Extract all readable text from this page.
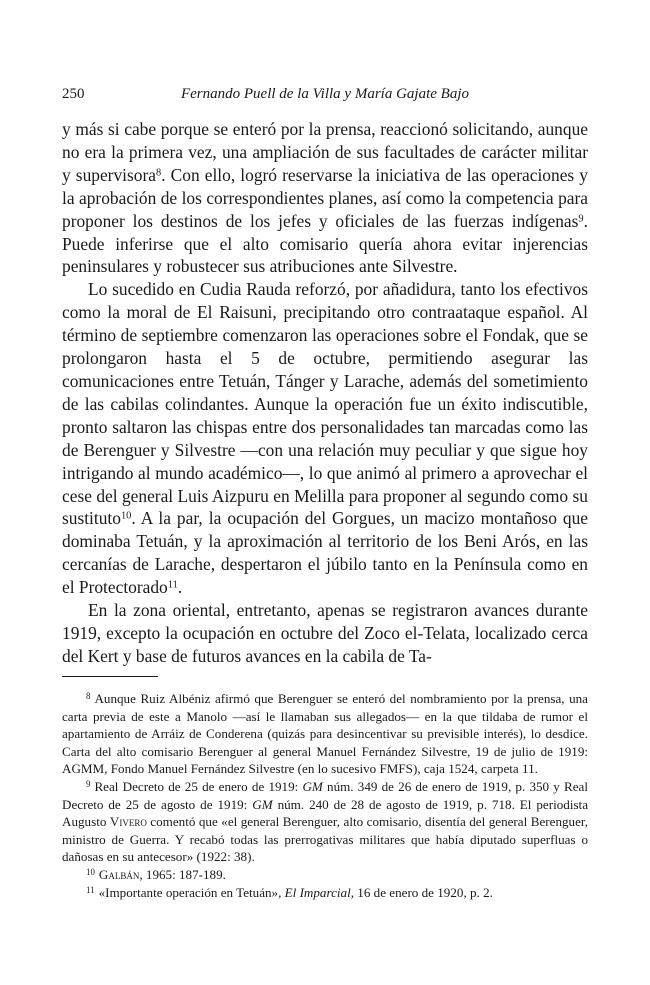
250	Fernando Puell de la Villa y María Gajate Bajo

y más si cabe porque se enteró por la prensa, reaccionó solicitando, aunque no era la primera vez, una ampliación de sus facultades de carácter militar y supervisora$^8$. Con ello, logró reservarse la iniciativa de las operaciones y la aprobación de los correspondientes planes, así como la competencia para proponer los destinos de los jefes y oficiales de las fuerzas indígenas$^9$. Puede inferirse que el alto comisario quería ahora evitar injerencias peninsulares y robustecer sus atribuciones ante Silvestre.

Lo sucedido en Cudia Rauda reforzó, por añadidura, tanto los efectivos como la moral de El Raisuni, precipitando otro contraataque español. Al término de septiembre comenzaron las operaciones sobre el Fondak, que se prolongaron hasta el 5 de octubre, permitiendo asegurar las comunicaciones entre Tetuán, Tánger y Larache, además del sometimiento de las cabilas colindantes. Aunque la operación fue un éxito indiscutible, pronto saltaron las chispas entre dos personalidades tan marcadas como las de Berenguer y Silvestre —con una relación muy peculiar y que sigue hoy intrigando al mundo académico—, lo que animó al primero a aprovechar el cese del general Luis Aizpuru en Melilla para proponer al segundo como su sustituto$^{10}$. A la par, la ocupación del Gorgues, un macizo montañoso que dominaba Tetuán, y la aproximación al territorio de los Beni Arós, en las cercanías de Larache, despertaron el júbilo tanto en la Península como en el Protectorado$^{11}$.

En la zona oriental, entretanto, apenas se registraron avances durante 1919, excepto la ocupación en octubre del Zoco el-Telata, localizado cerca del Kert y base de futuros avances en la cabila de Ta-

$^8$ Aunque Ruiz Albéniz afirmó que Berenguer se enteró del nombramiento por la prensa, una carta previa de este a Manolo —así le llamaban sus allegados— en la que tildaba de rumor el apartamiento de Arráiz de Conderena (quizás para desincentivar su previsible interés), lo desdice. Carta del alto comisario Berenguer al general Manuel Fernández Silvestre, 19 de julio de 1919: AGMM, Fondo Manuel Fernández Silvestre (en lo sucesivo FMFS), caja 1524, carpeta 11.

$^9$ Real Decreto de 25 de enero de 1919: GM núm. 349 de 26 de enero de 1919, p. 350 y Real Decreto de 25 de agosto de 1919: GM núm. 240 de 28 de agosto de 1919, p. 718. El periodista Augusto Vivero comentó que «el general Berenguer, alto comisario, disentía del general Berenguer, ministro de Guerra. Y recabó todas las prerrogativas militares que había diputado superfluas o dañosas en su antecesor» (1922: 38).

$^{10}$ Galbán, 1965: 187-189.

$^{11}$ «Importante operación en Tetuán», El Imparcial, 16 de enero de 1920, p. 2.
